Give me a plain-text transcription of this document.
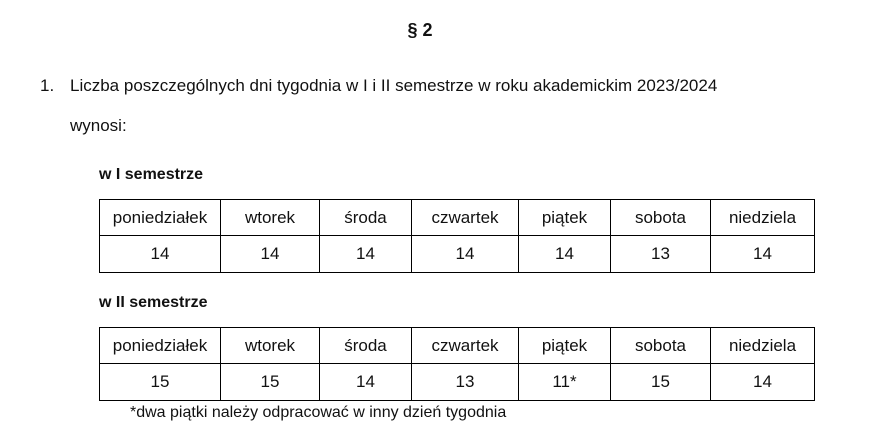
§ 2
1. Liczba poszczególnych dni tygodnia w I i II semestrze w roku akademickim 2023/2024
wynosi:
w I semestrze
poniedziałek	wtorek	środa	czwartek	piątek	sobota	niedziela
14	14	14	14	14	13	14
w II semestrze
poniedziałek	wtorek	środa	czwartek	piątek	sobota	niedziela
15	15	14	13	11*	15	14
*dwa piątki należy odpracować w inny dzień tygodnia
